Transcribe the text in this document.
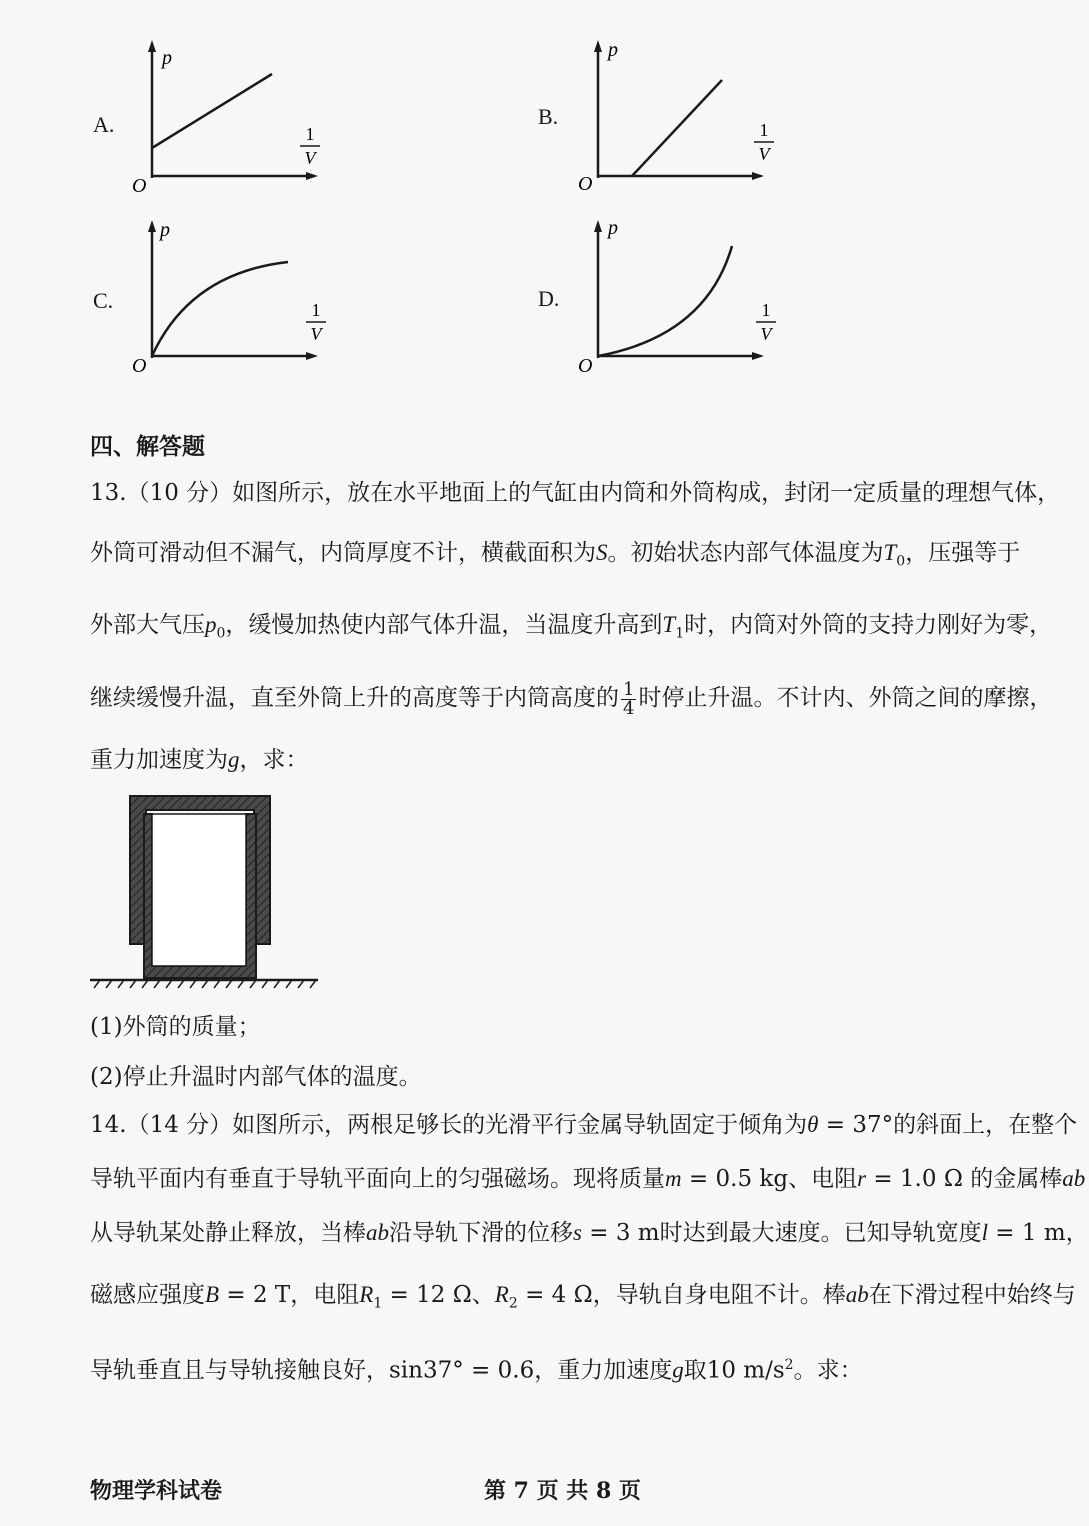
A.
p
O
1
V
B.
p
O
1
V
C.
p
O
1
V
D.
p
O
1
V
四、解答题
13.（10 分）如图所示，放在水平地面上的气缸由内筒和外筒构成，封闭一定质量的理想气体，
外筒可滑动但不漏气，内筒厚度不计，横截面积为S。初始状态内部气体温度为$T_0$，压强等于
外部大气压$p_0$，缓慢加热使内部气体升温，当温度升高到$T_1$时，内筒对外筒的支持力刚好为零，
继续缓慢升温，直至外筒上升的高度等于内筒高度的 $\frac{1}{4}$ 时停止升温。不计内、外筒之间的摩擦，
重力加速度为g，求：
(1)外筒的质量；
(2)停止升温时内部气体的温度。
14.（14 分）如图所示，两根足够长的光滑平行金属导轨固定于倾角为θ = 37°的斜面上，在整个
导轨平面内有垂直于导轨平面向上的匀强磁场。现将质量m = 0.5 kg、电阻r = 1.0 Ω 的金属棒ab
从导轨某处静止释放，当棒ab沿导轨下滑的位移s = 3 m时达到最大速度。已知导轨宽度l = 1 m，
磁感应强度B = 2 T，电阻$R_1 = 12$ Ω、$R_2 = 4$ Ω，导轨自身电阻不计。棒ab在下滑过程中始终与
导轨垂直且与导轨接触良好，sin37° = 0.6，重力加速度g取10 $m/s^2$。求：
物理学科试卷	第 7 页 共 8 页
